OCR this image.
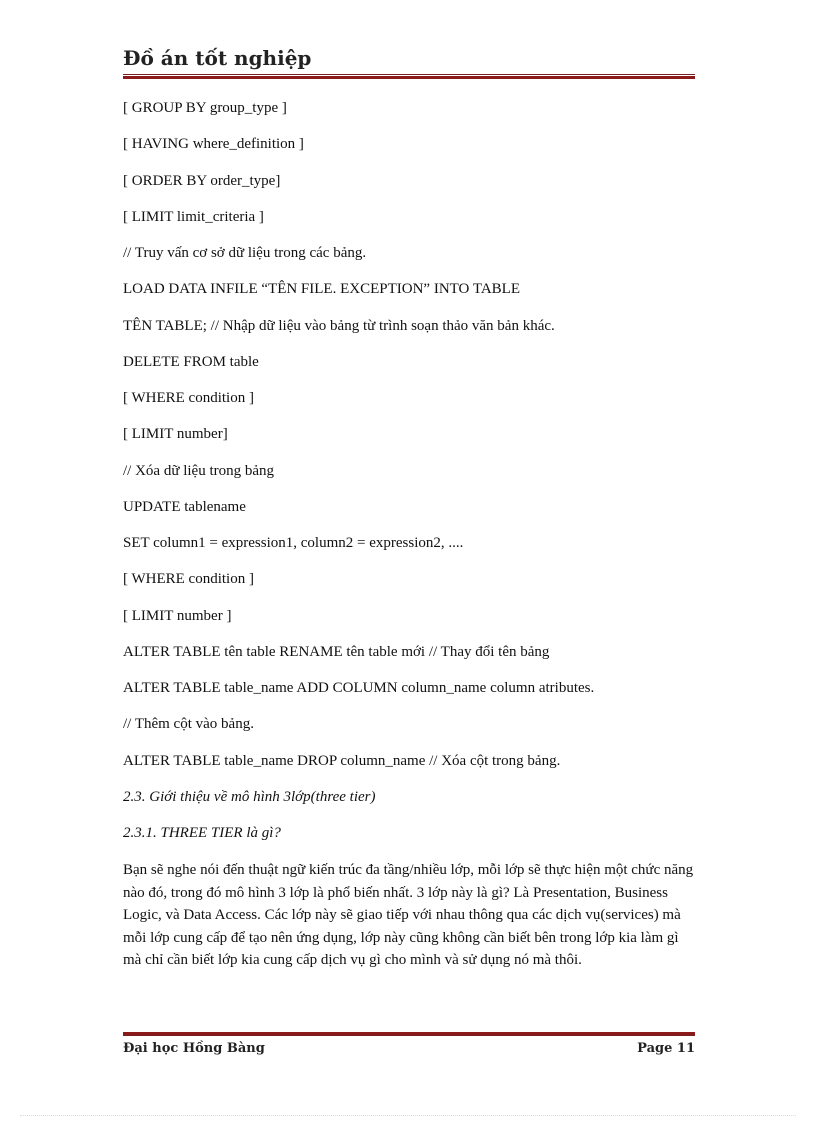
Đồ án tốt nghiệp
[ GROUP BY group_type ]
[ HAVING where_definition ]
[ ORDER BY order_type]
[ LIMIT limit_criteria ]
// Truy vấn cơ sở dữ liệu trong các bảng.
LOAD DATA INFILE “TÊN FILE. EXCEPTION” INTO TABLE
TÊN TABLE; // Nhập dữ liệu vào bảng từ trình soạn thảo văn bản khác.
DELETE FROM table
[ WHERE condition ]
[ LIMIT number]
// Xóa dữ liệu trong bảng
UPDATE tablename
SET column1 = expression1, column2 = expression2, ....
[ WHERE condition ]
[ LIMIT number ]
ALTER TABLE tên table RENAME tên table mới // Thay đổi tên bảng
ALTER TABLE table_name ADD COLUMN column_name column atributes.
// Thêm cột vào bảng.
ALTER TABLE table_name DROP column_name // Xóa cột trong bảng.
2.3. Giới thiệu về mô hình 3lớp(three tier)
2.3.1. THREE TIER là gì?
Bạn sẽ nghe nói đến thuật ngữ kiến trúc đa tầng/nhiều lớp, mỗi lớp sẽ thực hiện một chức năng nào đó, trong đó mô hình 3 lớp là phổ biến nhất. 3 lớp này là gì? Là Presentation, Business Logic, và Data Access. Các lớp này sẽ giao tiếp với nhau thông qua các dịch vụ(services) mà mỗi lớp cung cấp để tạo nên ứng dụng, lớp này cũng không cần biết bên trong lớp kia làm gì mà chỉ cần biết lớp kia cung cấp dịch vụ gì cho mình và sử dụng nó mà thôi.
Đại học Hồng Bàng	Page 11
